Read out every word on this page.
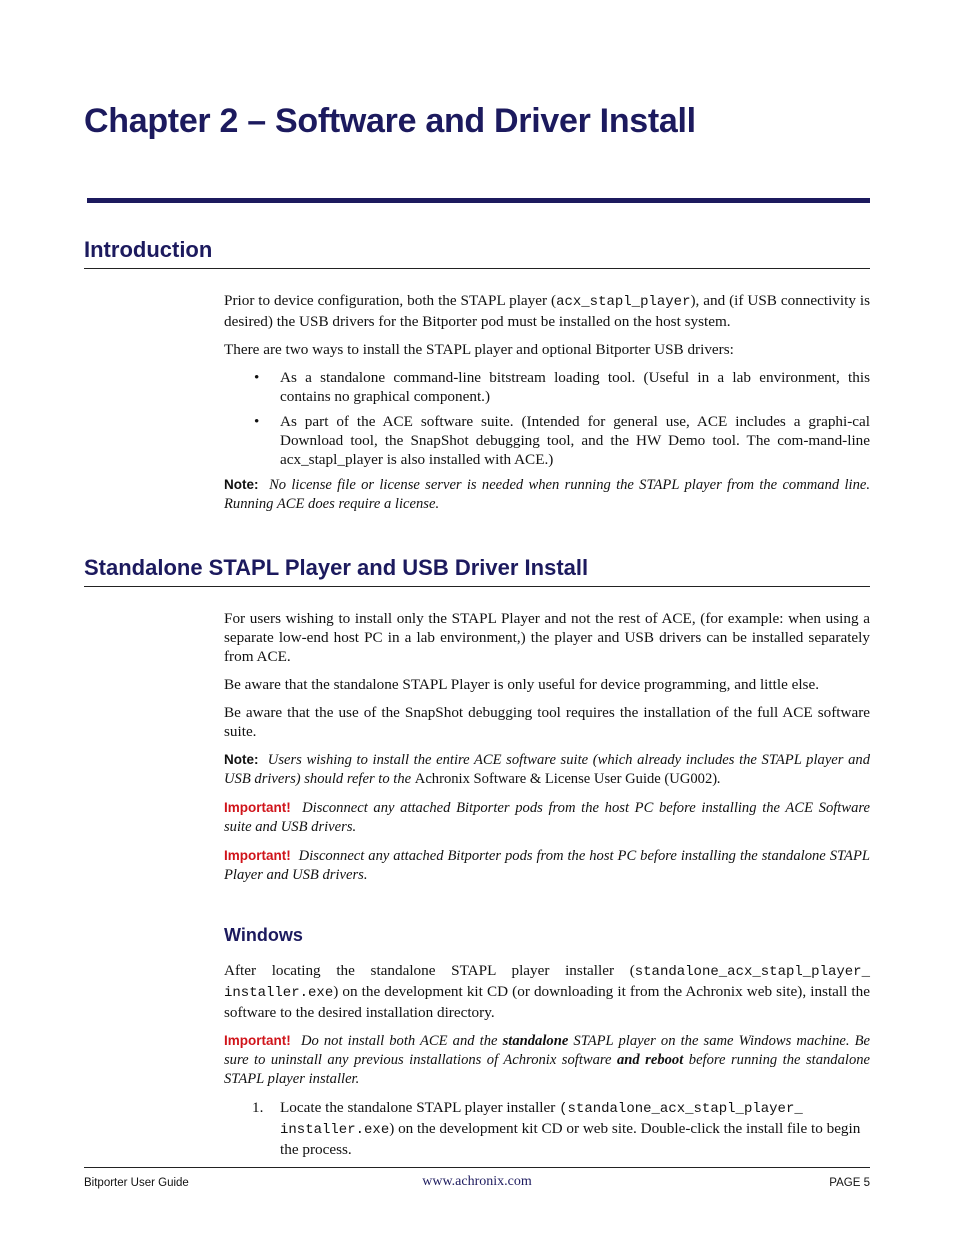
Chapter 2 – Software and Driver Install
Introduction

Prior to device configuration, both the STAPL player (acx_stapl_player), and (if USB connectivity is desired) the USB drivers for the Bitporter pod must be installed on the host system.

There are two ways to install the STAPL player and optional Bitporter USB drivers:

• As a standalone command-line bitstream loading tool. (Useful in a lab environment, this contains no graphical component.)
• As part of the ACE software suite. (Intended for general use, ACE includes a graphi-cal Download tool, the SnapShot debugging tool, and the HW Demo tool. The com-mand-line acx_stapl_player is also installed with ACE.)

Note: No license file or license server is needed when running the STAPL player from the command line. Running ACE does require a license.

Standalone STAPL Player and USB Driver Install

For users wishing to install only the STAPL Player and not the rest of ACE, (for example: when using a separate low-end host PC in a lab environment,) the player and USB drivers can be installed separately from ACE.

Be aware that the standalone STAPL Player is only useful for device programming, and little else.

Be aware that the use of the SnapShot debugging tool requires the installation of the full ACE software suite.

Note: Users wishing to install the entire ACE software suite (which already includes the STAPL player and USB drivers) should refer to the Achronix Software & License User Guide (UG002).

Important! Disconnect any attached Bitporter pods from the host PC before installing the ACE Software suite and USB drivers.

Important! Disconnect any attached Bitporter pods from the host PC before installing the standalone STAPL Player and USB drivers.

Windows

After locating the standalone STAPL player installer (standalone_acx_stapl_player_ installer.exe) on the development kit CD (or downloading it from the Achronix web site), install the software to the desired installation directory.

Important! Do not install both ACE and the standalone STAPL player on the same Windows machine. Be sure to uninstall any previous installations of Achronix software and reboot before running the standalone STAPL player installer.

1. Locate the standalone STAPL player installer (standalone_acx_stapl_player_ installer.exe) on the development kit CD or web site. Double-click the install file to begin the process.
Bitporter User Guide	www.achronix.com	PAGE 5
